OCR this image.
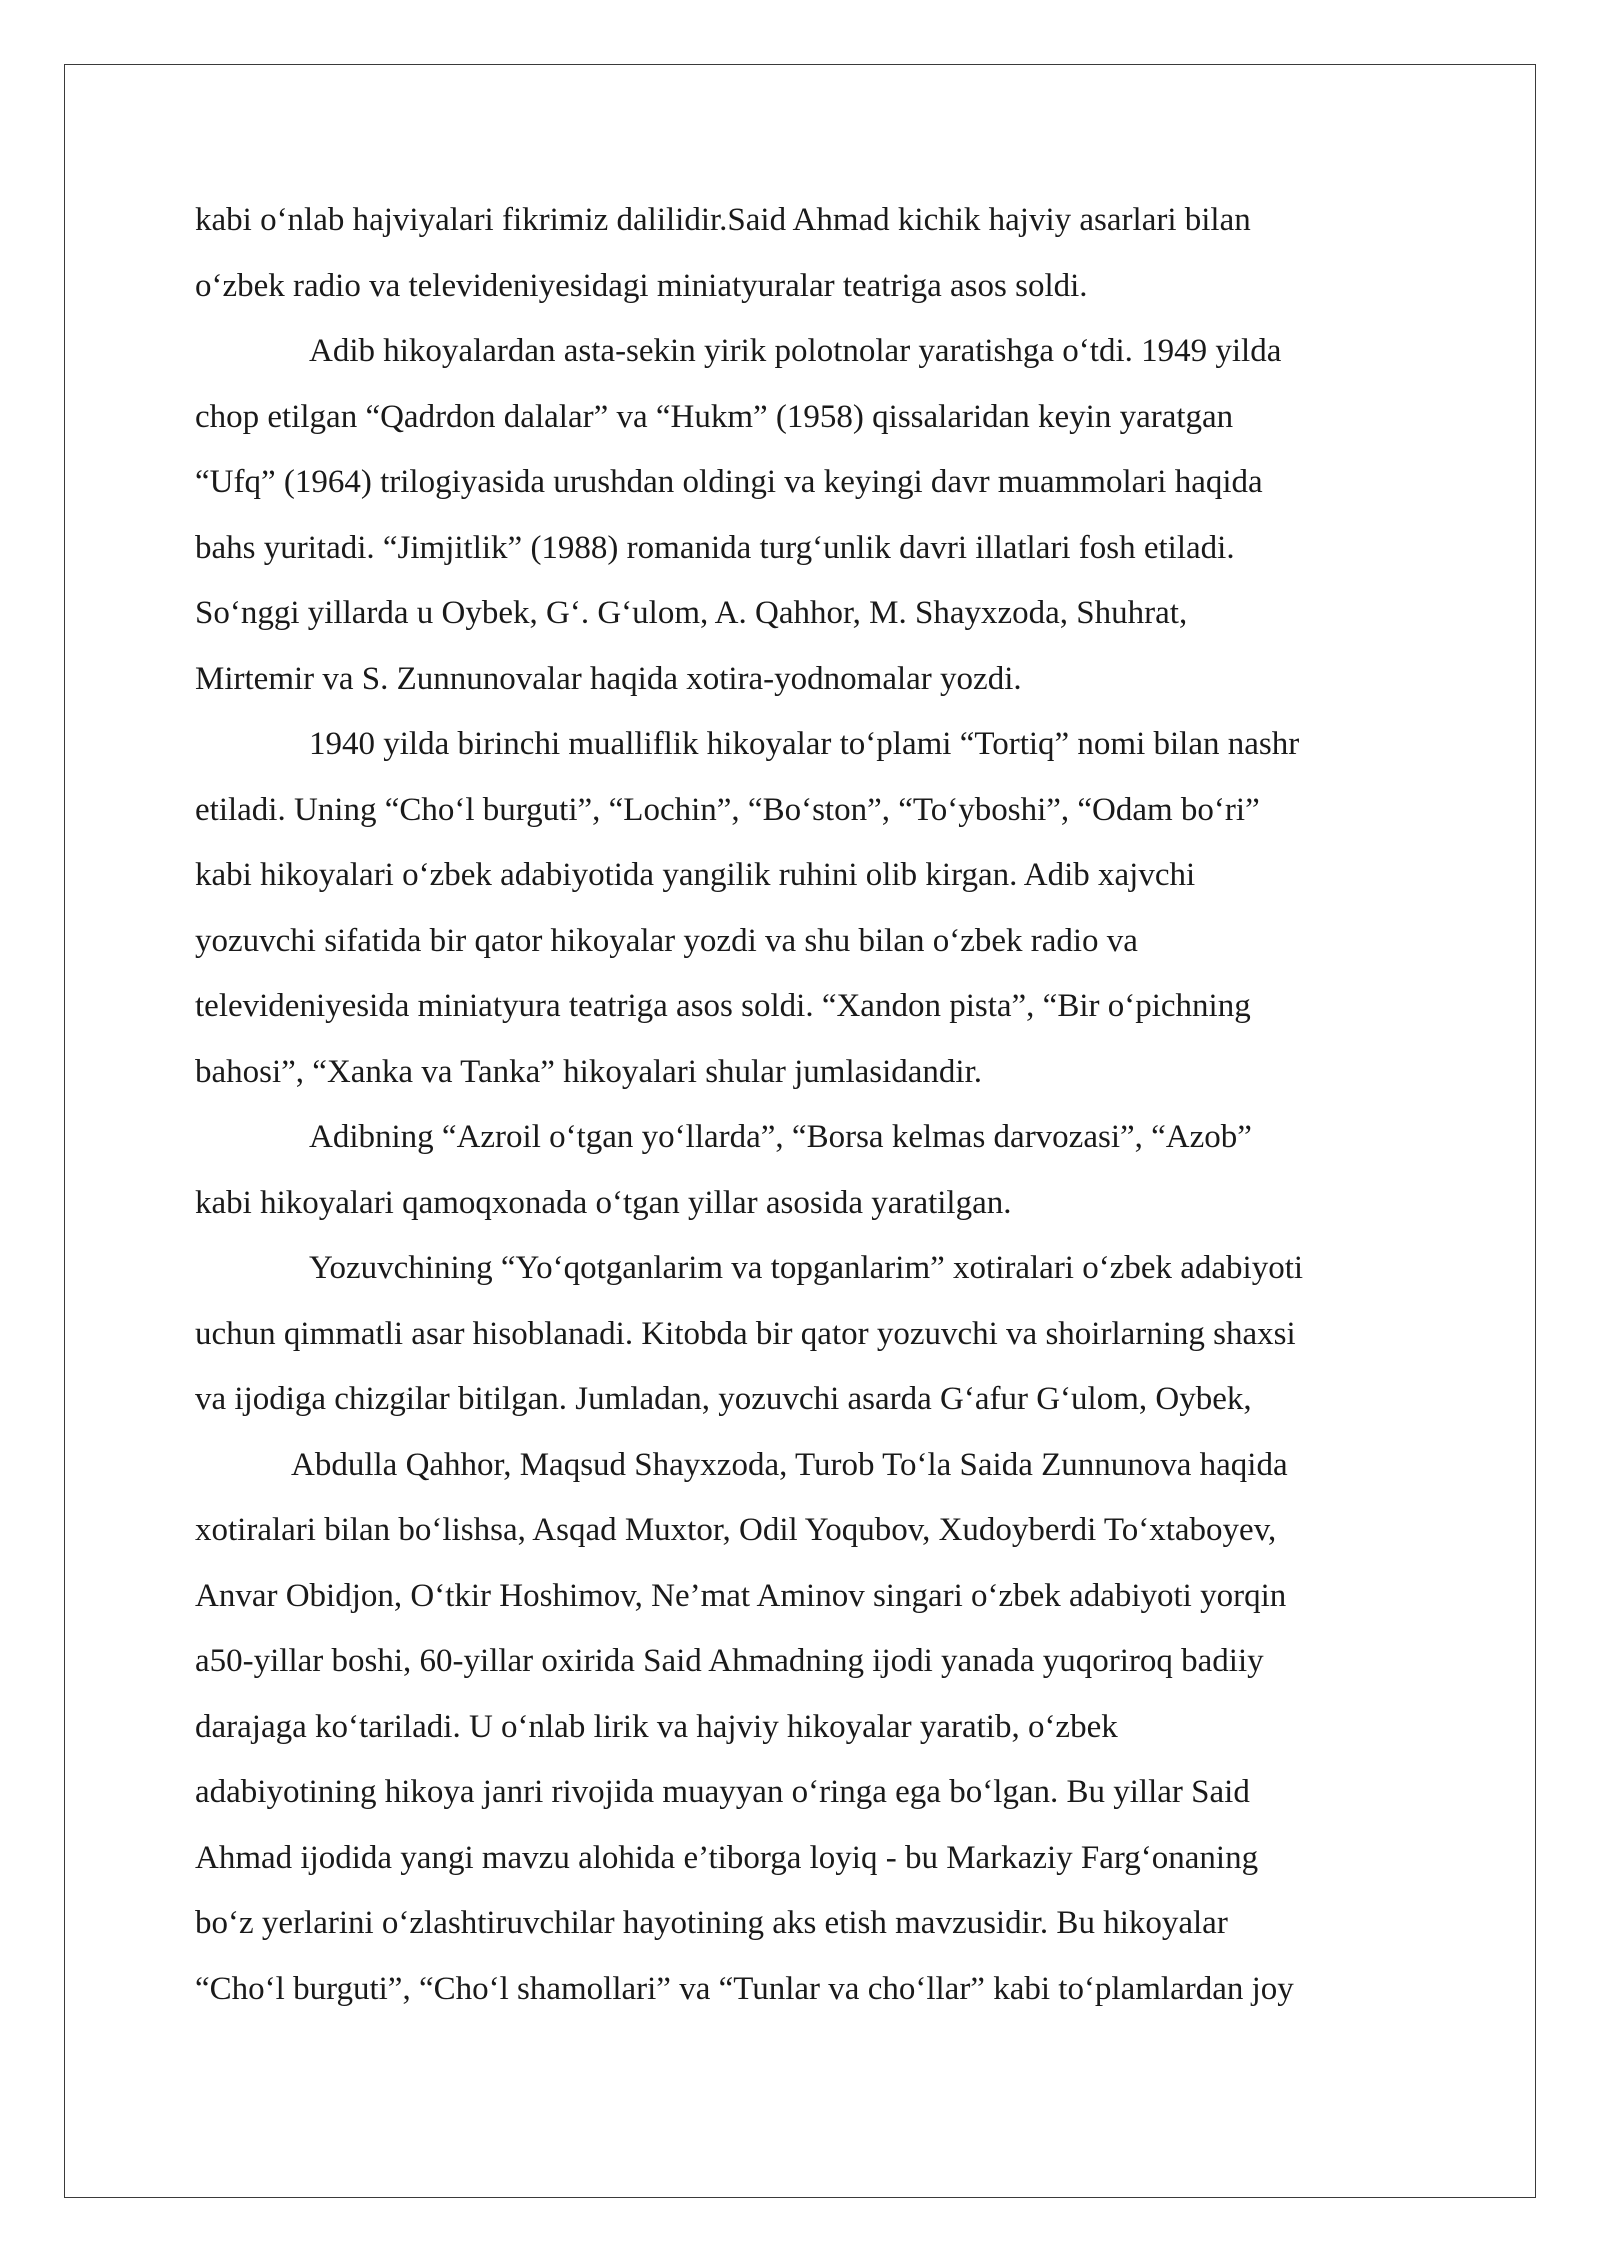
kabi o‘nlab hajviyalari fikrimiz dalilidir.Said Ahmad kichik hajviy asarlari bilan
o‘zbek radio va televideniyesidagi miniatyuralar teatriga asos soldi.
Adib hikoyalardan asta-sekin yirik polotnolar yaratishga o‘tdi. 1949 yilda
chop etilgan “Qadrdon dalalar” va “Hukm” (1958) qissalaridan keyin yaratgan
“Ufq” (1964) trilogiyasida urushdan oldingi va keyingi davr muammolari haqida
bahs yuritadi. “Jimjitlik” (1988) romanida turg‘unlik davri illatlari fosh etiladi.
So‘nggi yillarda u Oybek, G‘. G‘ulom, A. Qahhor, M. Shayxzoda, Shuhrat,
Mirtemir va S. Zunnunovalar haqida xotira-yodnomalar yozdi.
1940 yilda birinchi mualliflik hikoyalar to‘plami “Tortiq” nomi bilan nashr
etiladi. Uning “Cho‘l burguti”, “Lochin”, “Bo‘ston”, “To‘yboshi”, “Odam bo‘ri”
kabi hikoyalari o‘zbek adabiyotida yangilik ruhini olib kirgan. Adib xajvchi
yozuvchi sifatida bir qator hikoyalar yozdi va shu bilan o‘zbek radio va
televideniyesida miniatyura teatriga asos soldi. “Xandon pista”, “Bir o‘pichning
bahosi”, “Xanka va Tanka” hikoyalari shular jumlasidandir.
Adibning “Azroil o‘tgan yo‘llarda”, “Borsa kelmas darvozasi”, “Azob”
kabi hikoyalari qamoqxonada o‘tgan yillar asosida yaratilgan.
Yozuvchining “Yo‘qotganlarim va topganlarim” xotiralari o‘zbek adabiyoti
uchun qimmatli asar hisoblanadi. Kitobda bir qator yozuvchi va shoirlarning shaxsi
va ijodiga chizgilar bitilgan. Jumladan, yozuvchi asarda G‘afur G‘ulom, Oybek,
Abdulla Qahhor, Maqsud Shayxzoda, Turob To‘la Saida Zunnunova haqida
xotiralari bilan bo‘lishsa, Asqad Muxtor, Odil Yoqubov, Xudoyberdi To‘xtaboyev,
Anvar Obidjon, O‘tkir Hoshimov, Ne’mat Aminov singari o‘zbek adabiyoti yorqin
a50-yillar boshi, 60-yillar oxirida Said Ahmadning ijodi yanada yuqoriroq badiiy
darajaga ko‘tariladi. U o‘nlab lirik va hajviy hikoyalar yaratib, o‘zbek
adabiyotining hikoya janri rivojida muayyan o‘ringa ega bo‘lgan. Bu yillar Said
Ahmad ijodida yangi mavzu alohida e’tiborga loyiq - bu Markaziy Farg‘onaning
bo‘z yerlarini o‘zlashtiruvchilar hayotining aks etish mavzusidir. Bu hikoyalar
“Cho‘l burguti”, “Cho‘l shamollari” va “Tunlar va cho‘llar” kabi to‘plamlardan joy
